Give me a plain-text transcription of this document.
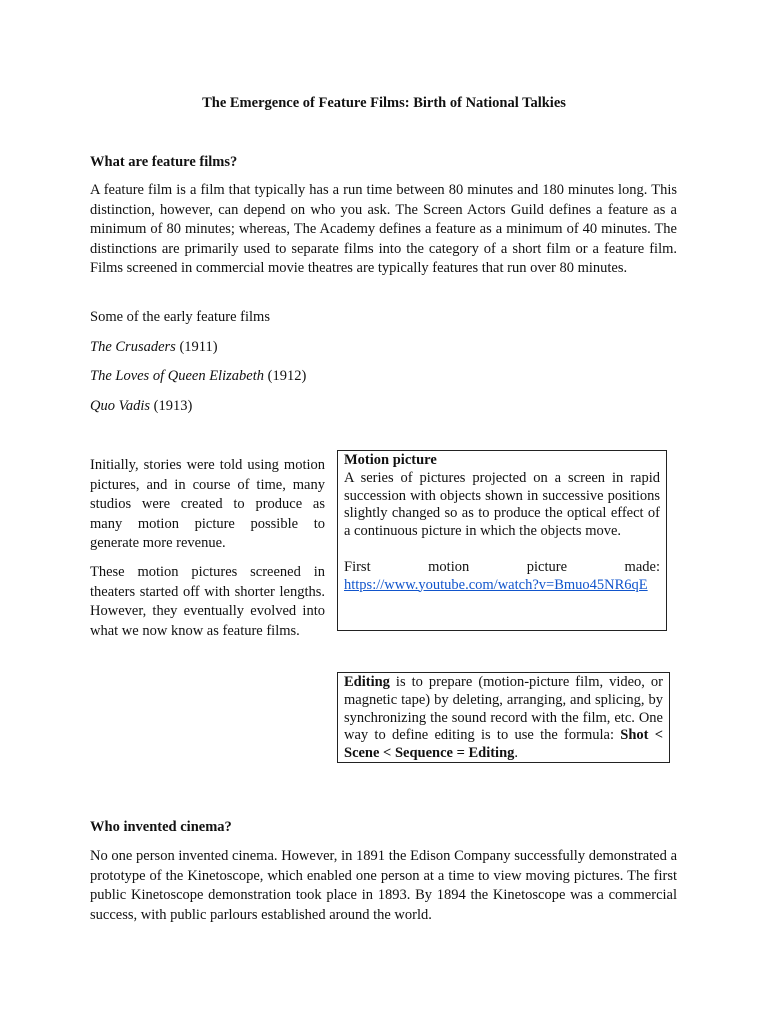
The Emergence of Feature Films: Birth of National Talkies
What are feature films?

A feature film is a film that typically has a run time between 80 minutes and 180 minutes long. This distinction, however, can depend on who you ask. The Screen Actors Guild defines a feature as a minimum of 80 minutes; whereas, The Academy defines a feature as a minimum of 40 minutes. The distinctions are primarily used to separate films into the category of a short film or a feature film. Films screened in commercial movie theatres are typically features that run over 80 minutes.

Some of the early feature films
The Crusaders (1911)
The Loves of Queen Elizabeth (1912)
Quo Vadis (1913)

Initially, stories were told using motion pictures, and in course of time, many studios were created to produce as many motion picture possible to generate more revenue.

These motion pictures screened in theaters started off with shorter lengths. However, they eventually evolved into what we now know as feature films.

Motion picture

A series of pictures projected on a screen in rapid succession with objects shown in successive positions slightly changed so as to produce the optical effect of a continuous picture in which the objects move.

First motion picture made:

https://www.youtube.com/watch?v=Bmuo45NR6qE
Editing is to prepare (motion-picture film, video, or magnetic tape) by deleting, arranging, and splicing, by synchronizing the sound record with the film, etc. One way to define editing is to use the formula: Shot < Scene < Sequence = Editing.
Who invented cinema?

No one person invented cinema. However, in 1891 the Edison Company successfully demonstrated a prototype of the Kinetoscope, which enabled one person at a time to view moving pictures. The first public Kinetoscope demonstration took place in 1893. By 1894 the Kinetoscope was a commercial success, with public parlours established around the world.
